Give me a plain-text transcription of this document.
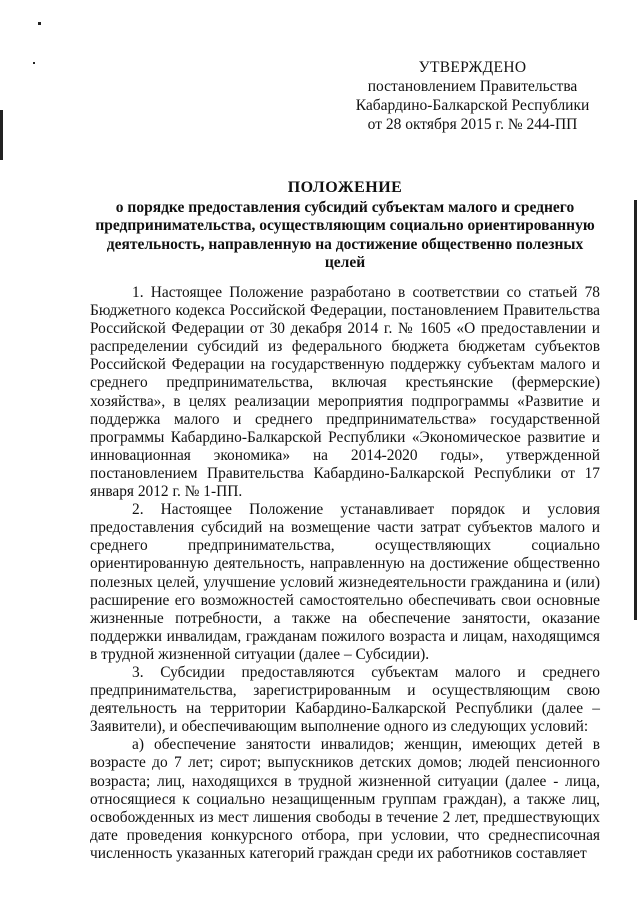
УТВЕРЖДЕНО
постановлением Правительства
Кабардино-Балкарской Республики
от 28 октября 2015 г. № 244-ПП
ПОЛОЖЕНИЕ
о порядке предоставления субсидий субъектам малого и среднего предпринимательства, осуществляющим социально ориентированную деятельность, направленную на достижение общественно полезных целей

1. Настоящее Положение разработано в соответствии со статьей 78 Бюджетного кодекса Российской Федерации, постановлением Правительства Российской Федерации от 30 декабря 2014 г. № 1605 «О предоставлении и распределении субсидий из федерального бюджета бюджетам субъектов Российской Федерации на государственную поддержку субъектам малого и среднего предпринимательства, включая крестьянские (фермерские) хозяйства», в целях реализации мероприятия подпрограммы «Развитие и поддержка малого и среднего предпринимательства» государственной программы Кабардино-Балкарской Республики «Экономическое развитие и инновационная экономика» на 2014-2020 годы», утвержденной постановлением Правительства Кабардино-Балкарской Республики от 17 января 2012 г. № 1-ПП.

2. Настоящее Положение устанавливает порядок и условия предоставления субсидий на возмещение части затрат субъектов малого и среднего предпринимательства, осуществляющих социально ориентированную деятельность, направленную на достижение общественно полезных целей, улучшение условий жизнедеятельности гражданина и (или) расширение его возможностей самостоятельно обеспечивать свои основные жизненные потребности, а также на обеспечение занятости, оказание поддержки инвалидам, гражданам пожилого возраста и лицам, находящимся в трудной жизненной ситуации (далее – Субсидии).

3. Субсидии предоставляются субъектам малого и среднего предпринимательства, зарегистрированным и осуществляющим свою деятельность на территории Кабардино-Балкарской Республики (далее – Заявители), и обеспечивающим выполнение одного из следующих условий:

а) обеспечение занятости инвалидов; женщин, имеющих детей в возрасте до 7 лет; сирот; выпускников детских домов; людей пенсионного возраста; лиц, находящихся в трудной жизненной ситуации (далее - лица, относящиеся к социально незащищенным группам граждан), а также лиц, освобожденных из мест лишения свободы в течение 2 лет, предшествующих дате проведения конкурсного отбора, при условии, что среднесписочная численность указанных категорий граждан среди их работников составляет
